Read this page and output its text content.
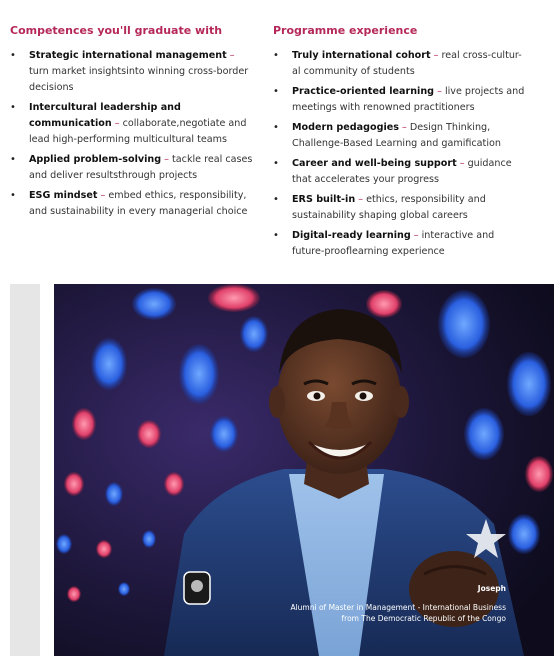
Competences you'll graduate with
• Strategic international management – turn market insightsinto winning cross-border decisions
• Intercultural leadership and communication – collaborate,negotiate and lead high-performing multicultural teams
• Applied problem-solving – tackle real cases and deliver resultsthrough projects
• ESG mindset – embed ethics, responsibility, and sustainability in every managerial choice
Programme experience
• Truly international cohort – real cross-cultur-al community of students
• Practice-oriented learning – live projects and meetings with renowned practitioners
• Modern pedagogies – Design Thinking, Challenge-Based Learning and gamification
• Career and well-being support – guidance that accelerates your progress
• ERS built-in – ethics, responsibility and sustainability shaping global careers
• Digital-ready learning – interactive and future-prooflearning experience
Joseph
Alumni of Master in Management - International Business from The Democratic Republic of the Congo
